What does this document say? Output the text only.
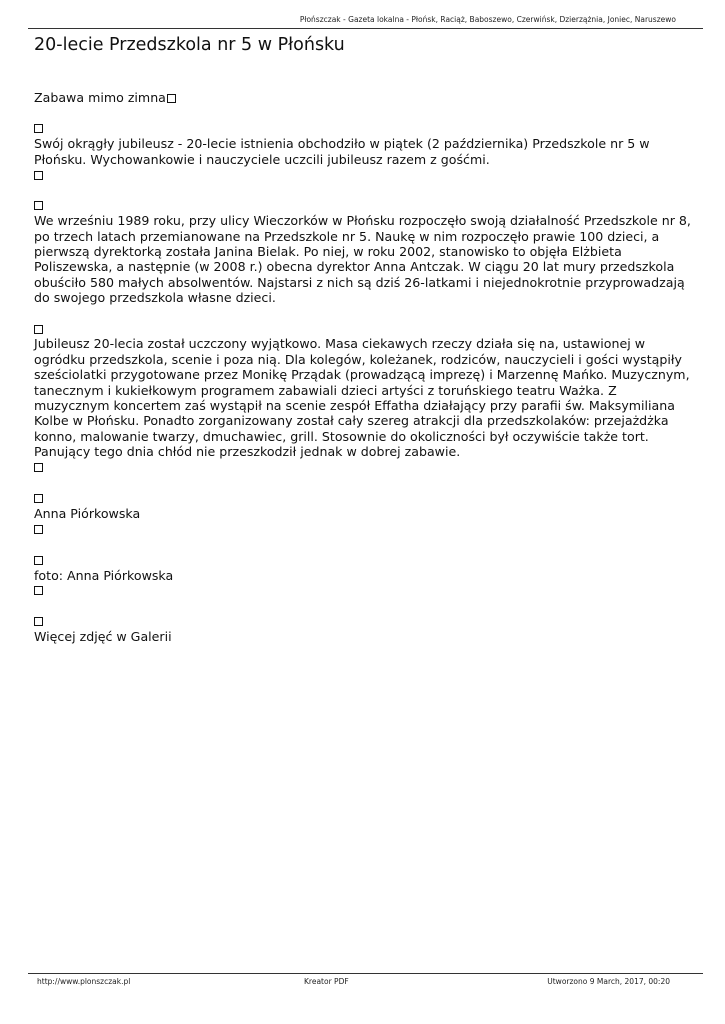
Płońszczak - Gazeta lokalna - Płońsk, Raciąż, Baboszewo, Czerwińsk, Dzierzążnia, Joniec, Naruszewo
20-lecie Przedszkola nr 5 w Płońsku
Zabawa mimo zimna
Swój okrągły jubileusz - 20-lecie istnienia obchodziło w piątek (2 października) Przedszkole nr 5 w Płońsku. Wychowankowie i nauczyciele uczcili jubileusz razem z gośćmi.
We wrześniu 1989 roku, przy ulicy Wieczorków w Płońsku rozpoczęło swoją działalność Przedszkole nr 8, po trzech latach przemianowane na Przedszkole nr 5. Naukę w nim rozpoczęło prawie 100 dzieci, a pierwszą dyrektorką została Janina Bielak. Po niej, w roku 2002, stanowisko to objęła Elżbieta Poliszewska, a następnie (w 2008 r.) obecna dyrektor Anna Antczak. W ciągu 20 lat mury przedszkola obuściło 580 małych absolwentów. Najstarsi z nich są dziś 26-latkami i niejednokrotnie przyprowadzają do swojego przedszkola własne dzieci.
Jubileusz 20-lecia został uczczony wyjątkowo. Masa ciekawych rzeczy działa się na, ustawionej w ogródku przedszkola, scenie i poza nią. Dla kolegów, koleżanek, rodziców, nauczycieli i gości wystąpiły sześciolatki przygotowane przez Monikę Prządak (prowadzącą imprezę) i Marzennę Mańko. Muzycznym, tanecznym i kukiełkowym programem zabawiali dzieci artyści z toruńskiego teatru Ważka. Z muzycznym koncertem zaś wystąpił na scenie zespół Effatha działający przy parafii św. Maksymiliana Kolbe w Płońsku. Ponadto zorganizowany został cały szereg atrakcji dla przedszkolaków: przejażdżka konno, malowanie twarzy, dmuchawiec, grill. Stosownie do okoliczności był oczywiście także tort. Panujący tego dnia chłód nie przeszkodził jednak w dobrej zabawie.
Anna Piórkowska
foto: Anna Piórkowska
Więcej zdjęć w Galerii
http://www.plonszczak.pl	Kreator PDF	Utworzono 9 March, 2017, 00:20
